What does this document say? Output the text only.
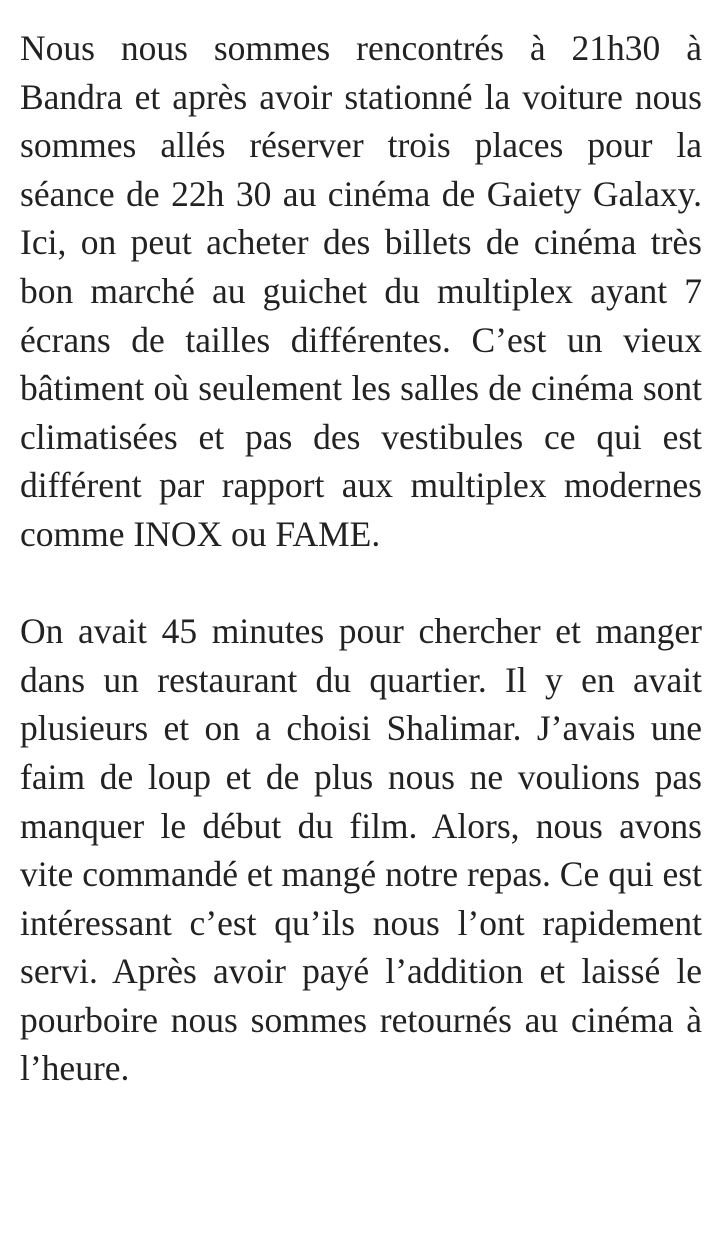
Nous nous sommes rencontrés à 21h30 à Bandra et après avoir stationné la voiture nous sommes allés réserver trois places pour la séance de 22h 30 au cinéma de Gaiety Galaxy. Ici, on peut acheter des billets de cinéma très bon marché au guichet du multiplex ayant 7 écrans de tailles différentes. C’est un vieux bâtiment où seulement les salles de cinéma sont climatisées et pas des vestibules ce qui est différent par rapport aux multiplex modernes comme INOX ou FAME.

On avait 45 minutes pour chercher et manger dans un restaurant du quartier. Il y en avait plusieurs et on a choisi Shalimar. J’avais une faim de loup et de plus nous ne voulions pas manquer le début du film. Alors, nous avons vite commandé et mangé notre repas. Ce qui est intéressant c’est qu’ils nous l’ont rapidement servi. Après avoir payé l’addition et laissé le pourboire nous sommes retournés au cinéma à l’heure.
